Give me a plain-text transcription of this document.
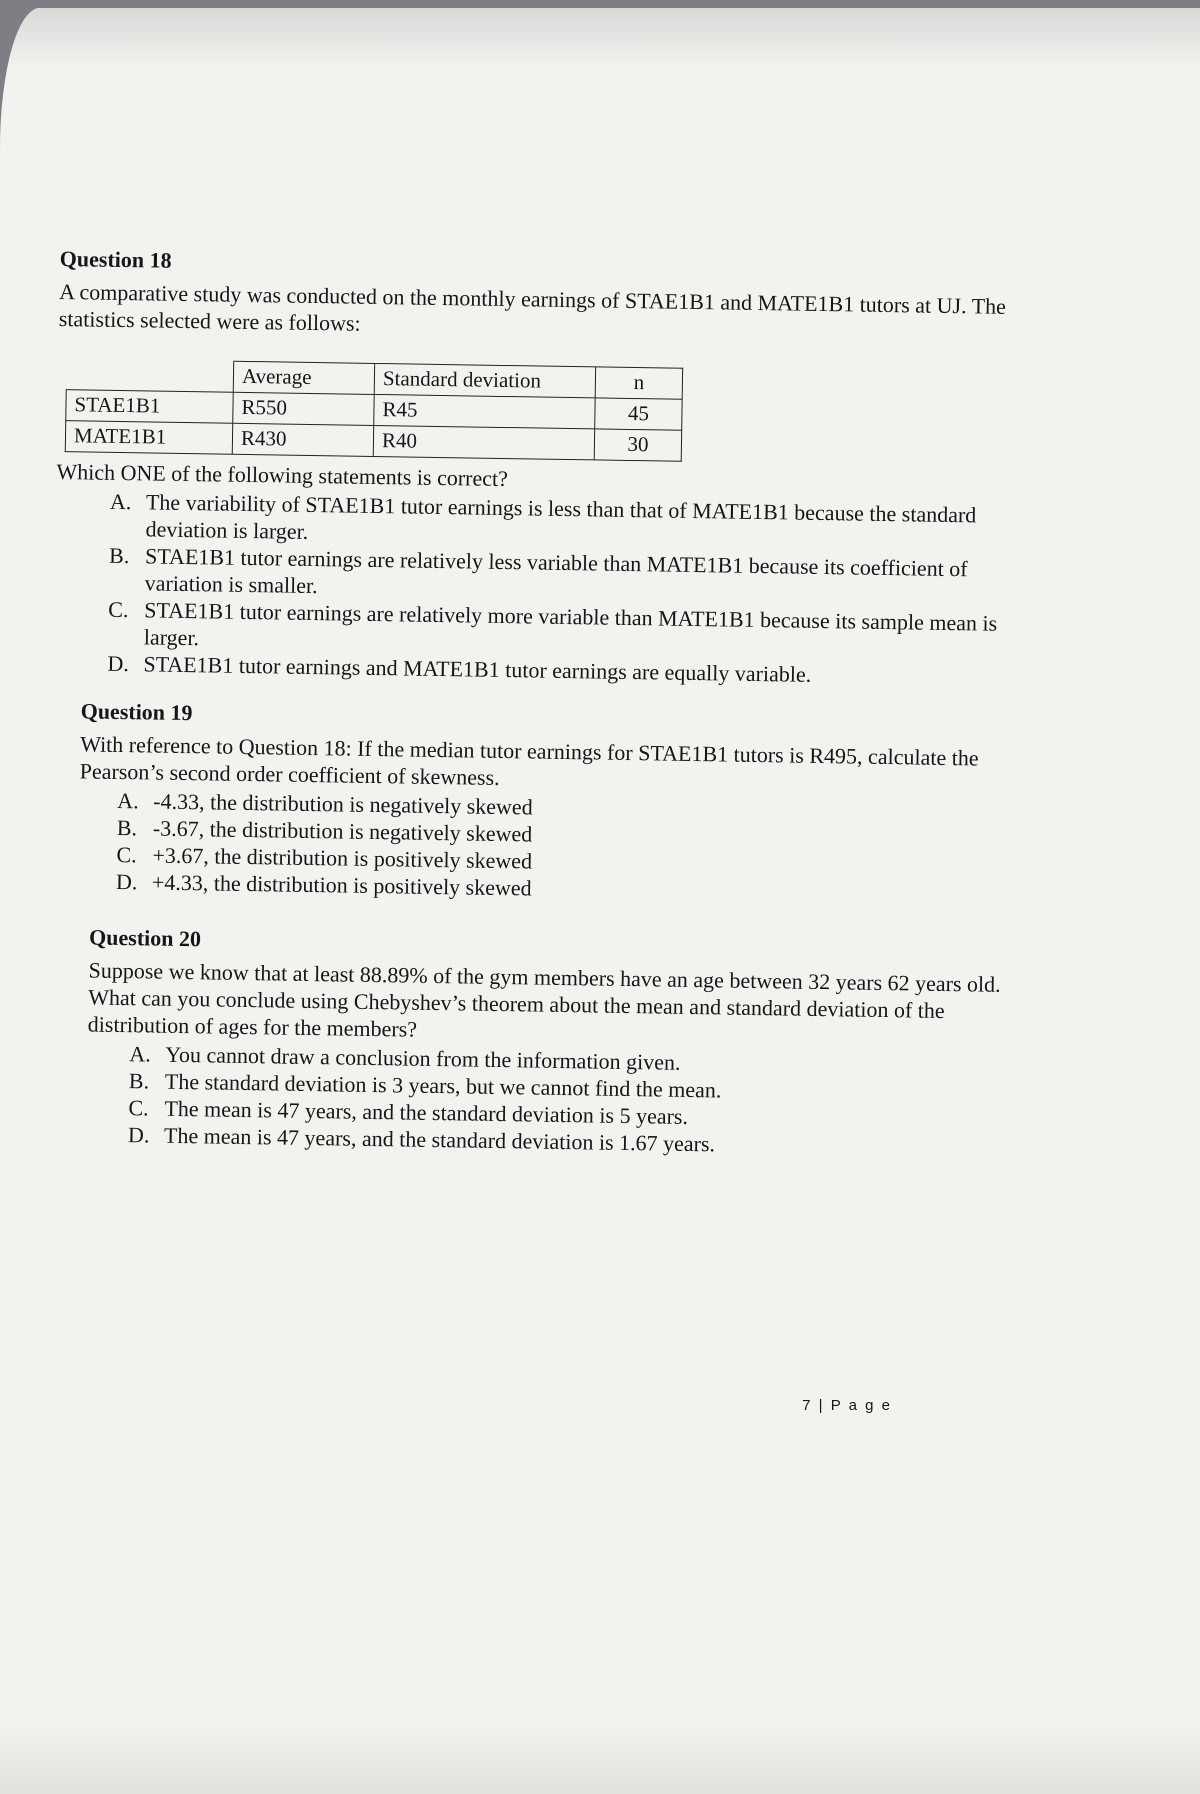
Question 18

A comparative study was conducted on the monthly earnings of STAE1B1 and MATE1B1 tutors at UJ. The statistics selected were as follows:

	Average	Standard deviation	n
STAE1B1	R550	R45	45
MATE1B1	R430	R40	30

Which ONE of the following statements is correct?

A. The variability of STAE1B1 tutor earnings is less than that of MATE1B1 because the standard deviation is larger.
B. STAE1B1 tutor earnings are relatively less variable than MATE1B1 because its coefficient of variation is smaller.
C. STAE1B1 tutor earnings are relatively more variable than MATE1B1 because its sample mean is larger.
D. STAE1B1 tutor earnings and MATE1B1 tutor earnings are equally variable.
Question 19

With reference to Question 18: If the median tutor earnings for STAE1B1 tutors is R495, calculate the Pearson’s second order coefficient of skewness.

A. -4.33, the distribution is negatively skewed
B. -3.67, the distribution is negatively skewed
C. +3.67, the distribution is positively skewed
D. +4.33, the distribution is positively skewed
Question 20

Suppose we know that at least 88.89% of the gym members have an age between 32 years 62 years old. What can you conclude using Chebyshev’s theorem about the mean and standard deviation of the distribution of ages for the members?

A. You cannot draw a conclusion from the information given.
B. The standard deviation is 3 years, but we cannot find the mean.
C. The mean is 47 years, and the standard deviation is 5 years.
D. The mean is 47 years, and the standard deviation is 1.67 years.
7 | P a g e
